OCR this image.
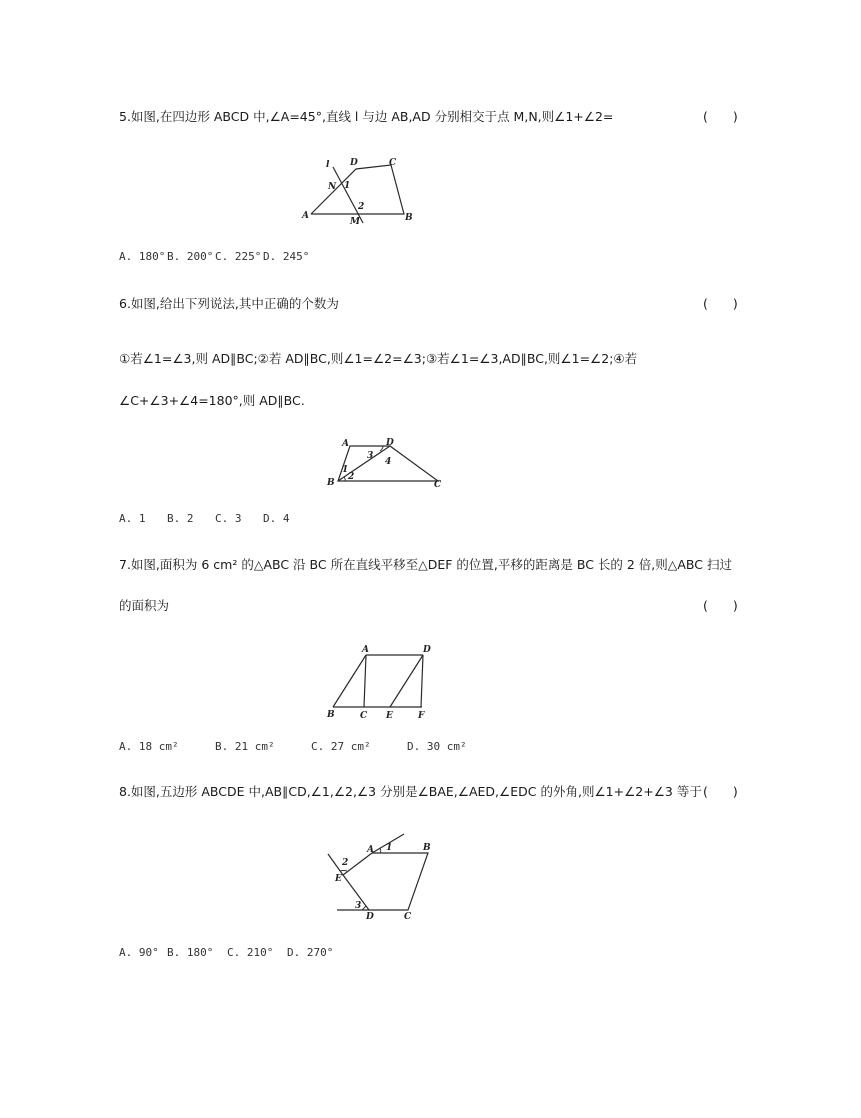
5.如图,在四边形 ABCD 中,∠A=45°,直线 l 与边 AB,AD 分别相交于点 M,N,则∠1+∠2=	(　　)
l D	C
N 1
A
2
M	B
A. 180° B. 200° C. 225° D. 245°
6.如图,给出下列说法,其中正确的个数为	(　　)
①若∠1=∠3,则 AD∥BC;②若 AD∥BC,则∠1=∠2=∠3;③若∠1=∠3,AD∥BC,则∠1=∠2;④若
∠C+∠3+∠4=180°,则 AD∥BC.
A	D
3
4
1
2
B	C
A. 1 B. 2 C. 3 D. 4
7.如图,面积为 6 cm² 的△ABC 沿 BC 所在直线平移至△DEF 的位置,平移的距离是 BC 长的 2 倍,则△ABC 扫过
的面积为	(　　)
A	D
B	C E	F
A. 18 cm²	B. 21 cm²	C. 27 cm²	D. 30 cm²
8.如图,五边形 ABCDE 中,AB∥CD,∠1,∠2,∠3 分别是∠BAE,∠AED,∠EDC 的外角,则∠1+∠2+∠3 等于 (　　)
A 1	B
2
E
3
D	C
A. 90° B. 180° C. 210° D. 270°
